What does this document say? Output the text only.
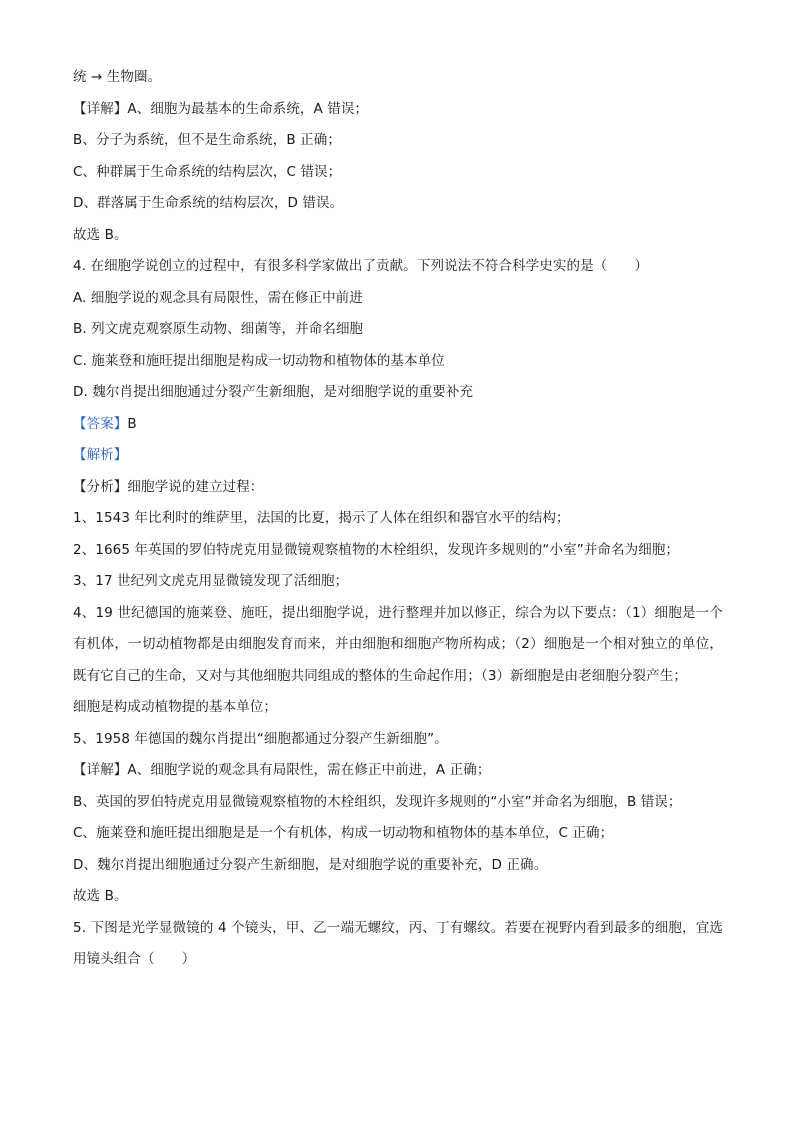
统 → 生物圈。
【详解】A、细胞为最基本的生命系统，A 错误；
B、分子为系统，但不是生命系统，B 正确；
C、种群属于生命系统的结构层次，C 错误；
D、群落属于生命系统的结构层次，D 错误。
故选 B。
4. 在细胞学说创立的过程中，有很多科学家做出了贡献。下列说法不符合科学史实的是（　　）
A. 细胞学说的观念具有局限性，需在修正中前进
B. 列文虎克观察原生动物、细菌等，并命名细胞
C. 施莱登和施旺提出细胞是构成一切动物和植物体的基本单位
D. 魏尔肖提出细胞通过分裂产生新细胞，是对细胞学说的重要补充
【答案】B
【解析】
【分析】细胞学说的建立过程：
1、1543 年比利时的维萨里，法国的比夏，揭示了人体在组织和器官水平的结构；
2、1665 年英国的罗伯特虎克用显微镜观察植物的木栓组织，发现许多规则的“小室”并命名为细胞；
3、17 世纪列文虎克用显微镜发现了活细胞；
4、19 世纪德国的施莱登、施旺，提出细胞学说，进行整理并加以修正，综合为以下要点：（1）细胞是一个有机体，一切动植物都是由细胞发育而来，并由细胞和细胞产物所构成；（2）细胞是一个相对独立的单位，既有它自己的生命，又对与其他细胞共同组成的整体的生命起作用；（3）新细胞是由老细胞分裂产生；
细胞是构成动植物提的基本单位；
5、1958 年德国的魏尔肖提出“细胞都通过分裂产生新细胞”。
【详解】A、细胞学说的观念具有局限性，需在修正中前进，A 正确；
B、英国的罗伯特虎克用显微镜观察植物的木栓组织，发现许多规则的“小室”并命名为细胞，B 错误；
C、施莱登和施旺提出细胞是是一个有机体，构成一切动物和植物体的基本单位，C 正确；
D、魏尔肖提出细胞通过分裂产生新细胞，是对细胞学说的重要补充，D 正确。
故选 B。
5. 下图是光学显微镜的 4 个镜头，甲、乙一端无螺纹，丙、丁有螺纹。若要在视野内看到最多的细胞，宜选用镜头组合（　　）
